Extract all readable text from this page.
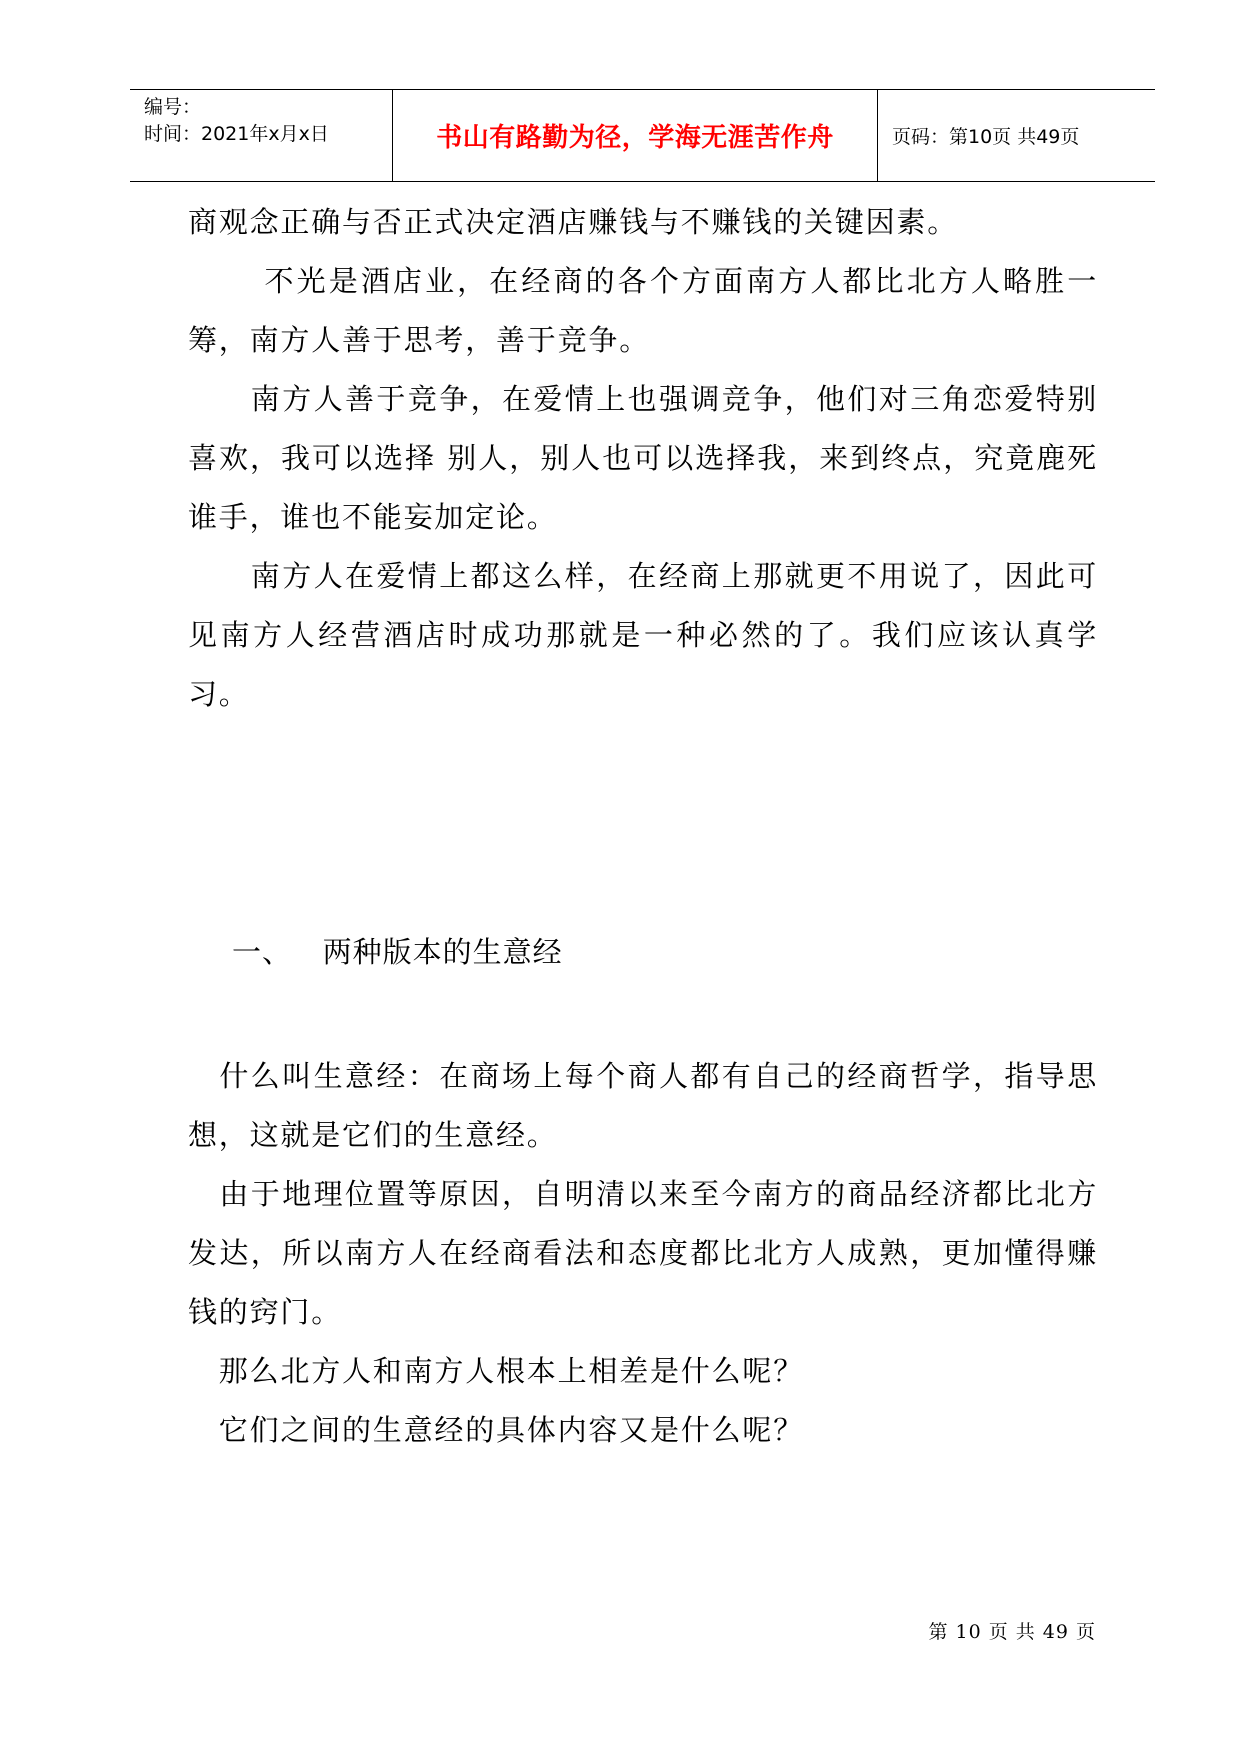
编号：
时间：2021年x月x日	书山有路勤为径，学海无涯苦作舟	页码：第10页 共49页

商观念正确与否正式决定酒店赚钱与不赚钱的关键因素。

　　 不光是酒店业，在经商的各个方面南方人都比北方人略胜一筹，南方人善于思考，善于竞争。

　　南方人善于竞争，在爱情上也强调竞争，他们对三角恋爱特别喜欢，我可以选择 别人，别人也可以选择我，来到终点，究竟鹿死谁手，谁也不能妄加定论。

　　南方人在爱情上都这么样，在经商上那就更不用说了，因此可见南方人经营酒店时成功那就是一种必然的了。我们应该认真学习。

一、   两种版本的生意经

　什么叫生意经：在商场上每个商人都有自己的经商哲学，指导思想，这就是它们的生意经。

　由于地理位置等原因，自明清以来至今南方的商品经济都比北方发达，所以南方人在经商看法和态度都比北方人成熟，更加懂得赚钱的窍门。

　那么北方人和南方人根本上相差是什么呢？

　它们之间的生意经的具体内容又是什么呢？

第 10 页 共 49 页
